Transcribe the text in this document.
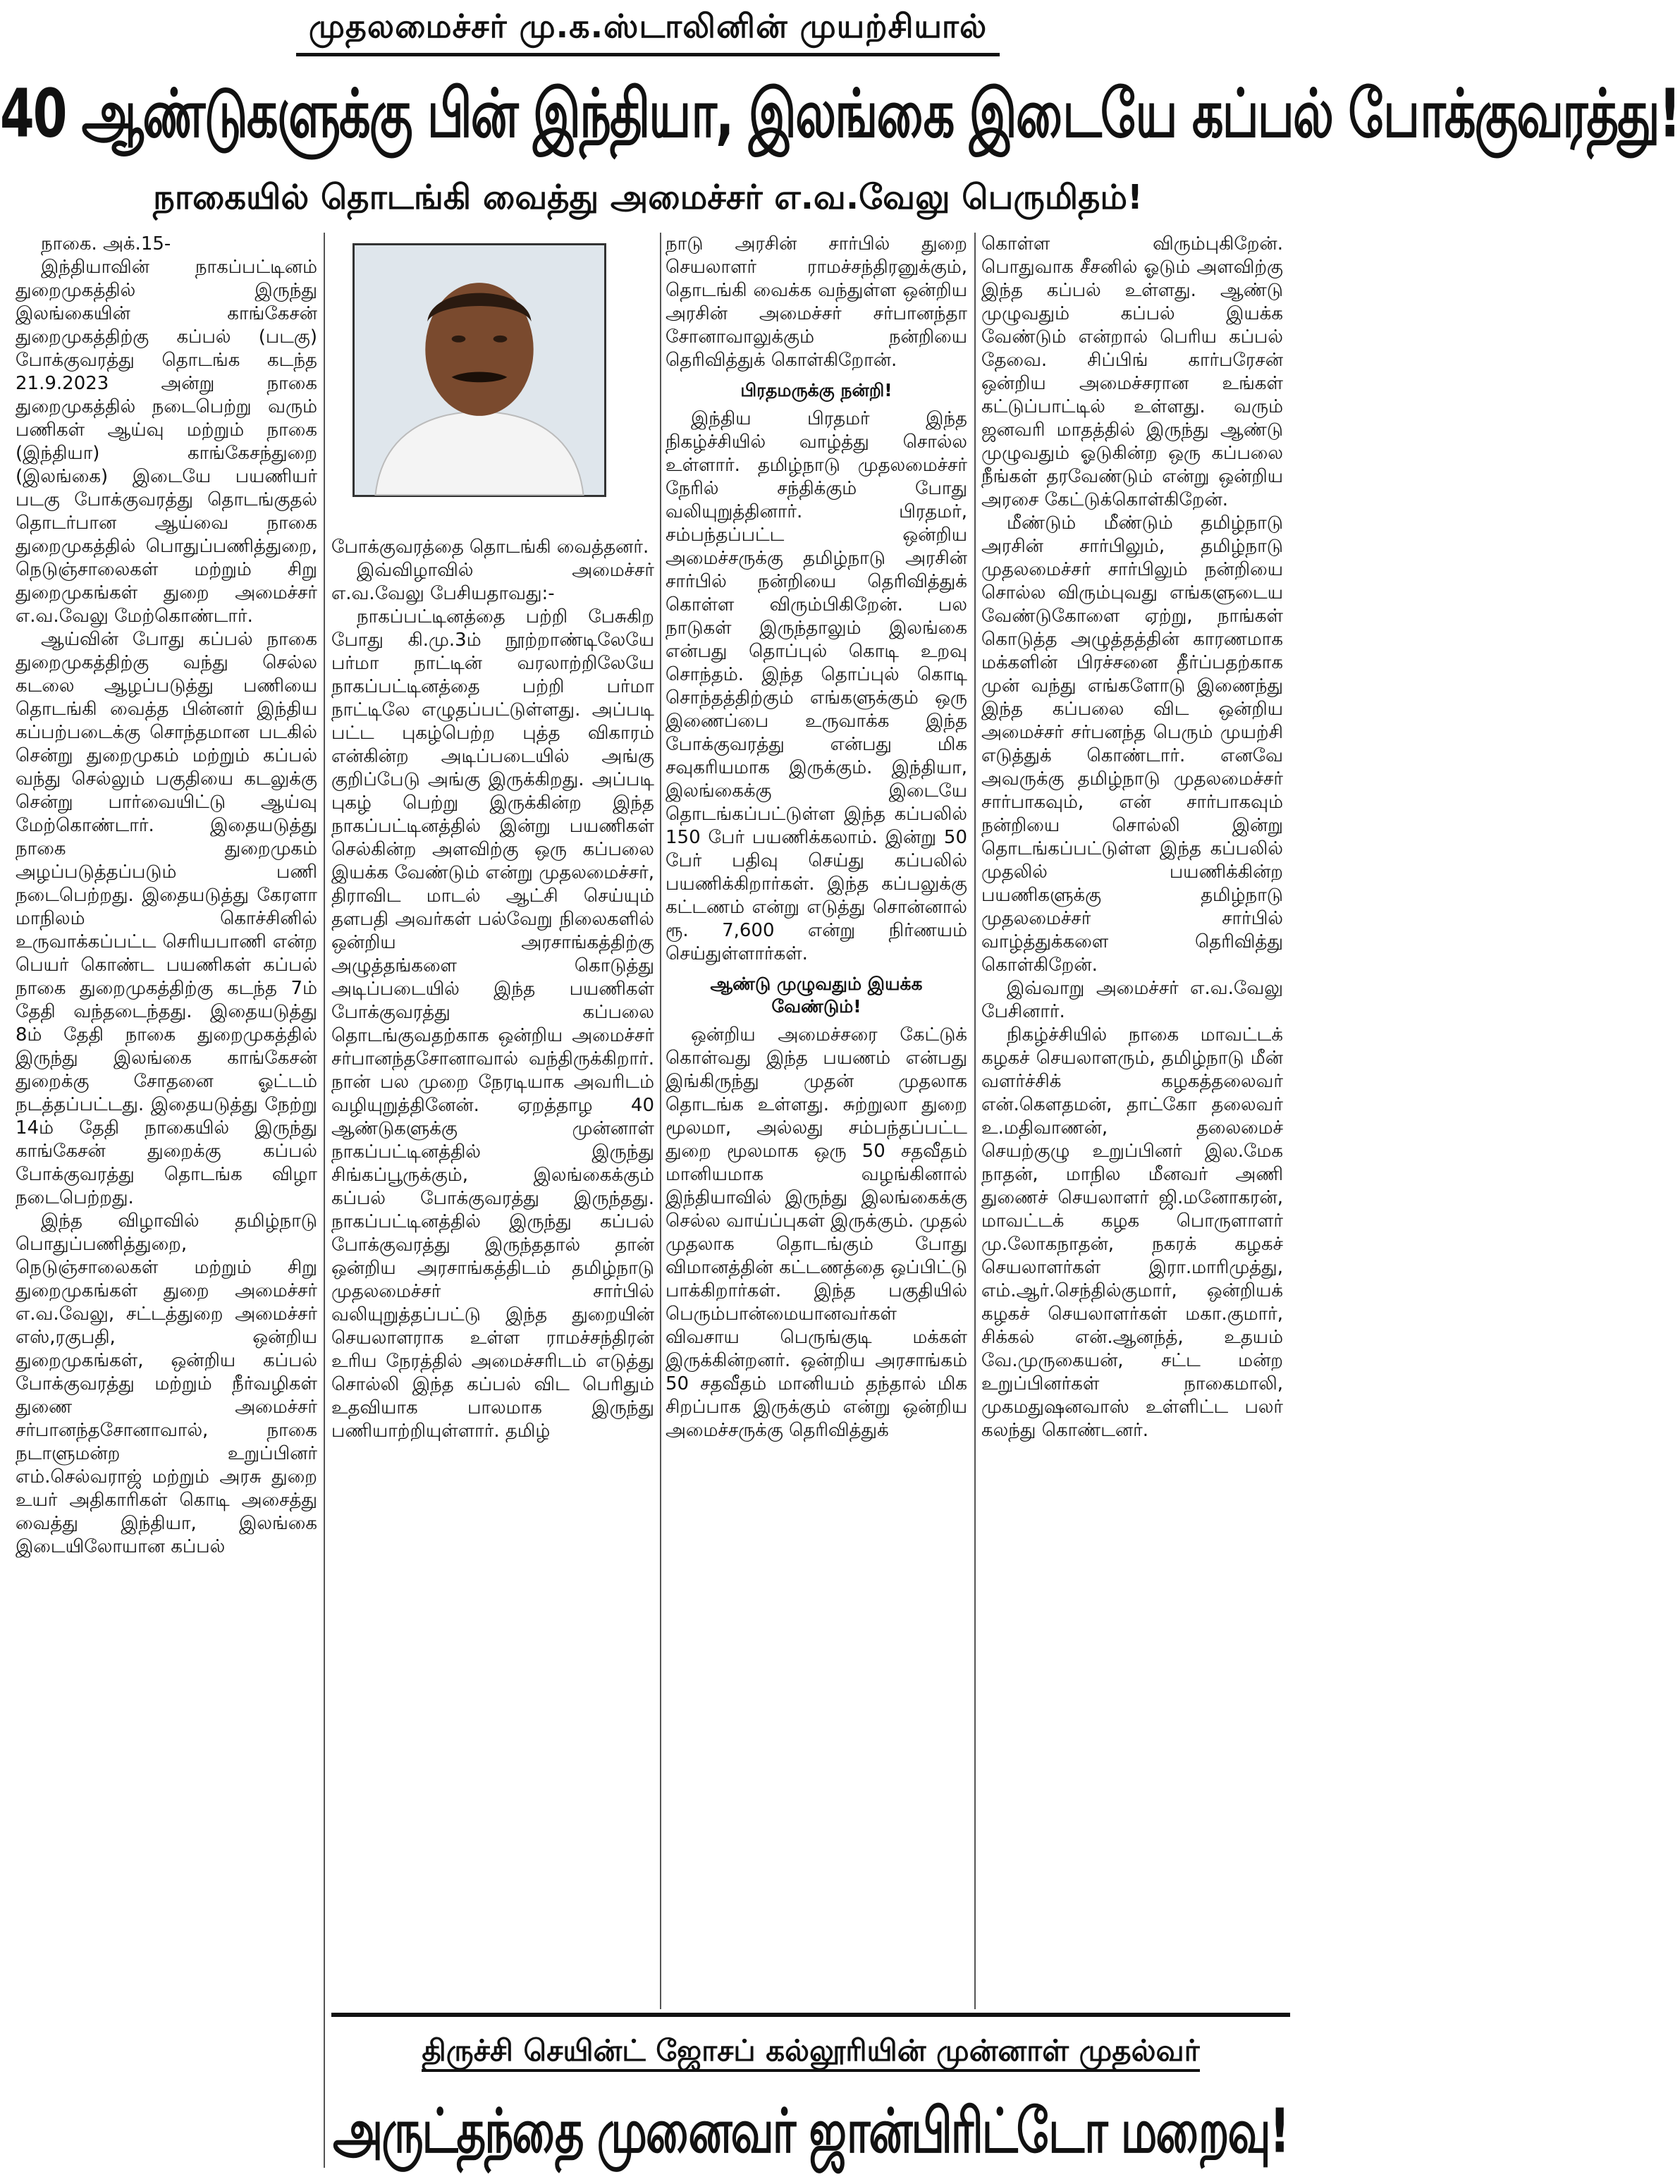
முதலமைச்சர் மு.க.ஸ்டாலினின் முயற்சியால்
40 ஆண்டுகளுக்கு பின் இந்தியா, இலங்கை இடையே கப்பல் போக்குவரத்து!
நாகையில் தொடங்கி வைத்து அமைச்சர் எ.வ.வேலு பெருமிதம்!

நாகை. அக்.15-

இந்தியாவின் நாகப்பட்டினம் துறைமுகத்தில் இருந்து இலங்கையின் காங்கேசன் துறைமுகத்திற்கு கப்பல் (படகு) போக்குவரத்து தொடங்க கடந்த 21.9.2023 அன்று நாகை துறைமுகத்தில் நடைபெற்று வரும் பணிகள் ஆய்வு மற்றும் நாகை (இந்தியா) காங்கேசந்துறை (இலங்கை) இடையே பயணியர் படகு போக்குவரத்து தொடங்குதல் தொடர்பான ஆய்வை நாகை துறைமுகத்தில் பொதுப்பணித்துறை, நெடுஞ்சாலைகள் மற்றும் சிறு துறைமுகங்கள் துறை அமைச்சர் எ.வ.வேலு மேற்கொண்டார்.

ஆய்வின் போது கப்பல் நாகை துறைமுகத்திற்கு வந்து செல்ல கடலை ஆழப்படுத்து பணியை தொடங்கி வைத்த பின்னர் இந்திய கப்பற்படைக்கு சொந்தமான படகில் சென்று துறைமுகம் மற்றும் கப்பல் வந்து செல்லும் பகுதியை கடலுக்கு சென்று பார்வையிட்டு ஆய்வு மேற்கொண்டார். இதையடுத்து நாகை துறைமுகம் அழப்படுத்தப்படும் பணி நடைபெற்றது. இதையடுத்து கேரளா மாநிலம் கொச்சினில் உருவாக்கப்பட்ட செரியபாணி என்ற பெயர் கொண்ட பயணிகள் கப்பல் நாகை துறைமுகத்திற்கு கடந்த 7ம் தேதி வந்தடைந்தது. இதையடுத்து 8ம் தேதி நாகை துறைமுகத்தில் இருந்து இலங்கை காங்கேசன் துறைக்கு சோதனை ஓட்டம் நடத்தப்பட்டது. இதையடுத்து நேற்று 14ம் தேதி நாகையில் இருந்து காங்கேசன் துறைக்கு கப்பல் போக்குவரத்து தொடங்க விழா நடைபெற்றது.

இந்த விழாவில் தமிழ்நாடு பொதுப்பணித்துறை, நெடுஞ்சாலைகள் மற்றும் சிறு துறைமுகங்கள் துறை அமைச்சர் எ.வ.வேலு, சட்டத்துறை அமைச்சர் எஸ்,ரகுபதி, ஒன்றிய துறைமுகங்கள், ஒன்றிய கப்பல் போக்குவரத்து மற்றும் நீர்வழிகள் துணை அமைச்சர் சர்பானந்தசோனாவால், நாகை நடாளுமன்ற உறுப்பினர் எம்.செல்வராஜ் மற்றும் அரசு துறை உயர் அதிகாரிகள் கொடி அசைத்து வைத்து இந்தியா, இலங்கை இடையிலோயான கப்பல்

போக்குவரத்தை தொடங்கி வைத்தனர்.

இவ்விழாவில் அமைச்சர் எ.வ.வேலு பேசியதாவது:-

நாகப்பட்டினத்தை பற்றி பேசுகிற போது கி.மு.3ம் நூற்றாண்டிலேயே பர்மா நாட்டின் வரலாற்றிலேயே நாகப்பட்டினத்தை பற்றி பர்மா நாட்டிலே எழுதப்பட்டுள்ளது. அப்படி பட்ட புகழ்பெற்ற புத்த விகாரம் என்கின்ற அடிப்படையில் அங்கு குறிப்பேடு அங்கு இருக்கிறது. அப்படி புகழ் பெற்று இருக்கின்ற இந்த நாகப்பட்டினத்தில் இன்று பயணிகள் செல்கின்ற அளவிற்கு ஒரு கப்பலை இயக்க வேண்டும் என்று முதலமைச்சர், திராவிட மாடல் ஆட்சி செய்யும் தளபதி அவர்கள் பல்வேறு நிலைகளில் ஒன்றிய அரசாங்கத்திற்கு அழுத்தங்களை கொடுத்து அடிப்படையில் இந்த பயணிகள் போக்குவரத்து கப்பலை தொடங்குவதற்காக ஒன்றிய அமைச்சர் சர்பானந்தசோனாவால் வந்திருக்கிறார். நான் பல முறை நேரடியாக அவரிடம் வழியுறுத்தினேன். ஏறத்தாழ 40 ஆண்டுகளுக்கு முன்னாள் நாகப்பட்டினத்தில் இருந்து சிங்கப்பூருக்கும், இலங்கைக்கும் கப்பல் போக்குவரத்து இருந்தது. நாகப்பட்டினத்தில் இருந்து கப்பல் போக்குவரத்து இருந்ததால் தான் ஒன்றிய அரசாங்கத்திடம் தமிழ்நாடு முதலமைச்சர் சார்பில் வலியுறுத்தப்பட்டு இந்த துறையின் செயலாளராக உள்ள ராமச்சந்திரன் உரிய நேரத்தில் அமைச்சரிடம் எடுத்து சொல்லி இந்த கப்பல் விட பெரிதும் உதவியாக பாலமாக இருந்து பணியாற்றியுள்ளார். தமிழ்

நாடு அரசின் சார்பில் துறை செயலாளர் ராமச்சந்திரனுக்கும், தொடங்கி வைக்க வந்துள்ள ஒன்றிய அரசின் அமைச்சர் சர்பானந்தா சோனாவாலுக்கும் நன்றியை தெரிவித்துக் கொள்கிறோன்.

பிரதமருக்கு நன்றி!

இந்திய பிரதமர் இந்த நிகழ்ச்சியில் வாழ்த்து சொல்ல உள்ளார். தமிழ்நாடு முதலமைச்சர் நேரில் சந்திக்கும் போது வலியுறுத்தினார். பிரதமர், சம்பந்தப்பட்ட ஒன்றிய அமைச்சருக்கு தமிழ்நாடு அரசின் சார்பில் நன்றியை தெரிவித்துக் கொள்ள விரும்பிகிறேன். பல நாடுகள் இருந்தாலும் இலங்கை என்பது தொப்புல் கொடி உறவு சொந்தம். இந்த தொப்புல் கொடி சொந்தத்திற்கும் எங்களுக்கும் ஒரு இணைப்பை உருவாக்க இந்த போக்குவரத்து என்பது மிக சவுகரியமாக இருக்கும். இந்தியா, இலங்கைக்கு இடையே தொடங்கப்பட்டுள்ள இந்த கப்பலில் 150 பேர் பயணிக்கலாம். இன்று 50 பேர் பதிவு செய்து கப்பலில் பயணிக்கிறார்கள். இந்த கப்பலுக்கு கட்டணம் என்று எடுத்து சொன்னால் ரூ. 7,600 என்று நிர்ணயம் செய்துள்ளார்கள்.

ஆண்டு முழுவதும் இயக்க வேண்டும்!

ஒன்றிய அமைச்சரை கேட்டுக் கொள்வது இந்த பயணம் என்பது இங்கிருந்து முதன் முதலாக தொடங்க உள்ளது. சுற்றுலா துறை மூலமா, அல்லது சம்பந்தப்பட்ட துறை மூலமாக ஒரு 50 சதவீதம் மானியமாக வழங்கினால் இந்தியாவில் இருந்து இலங்கைக்கு செல்ல வாய்ப்புகள் இருக்கும். முதல் முதலாக தொடங்கும் போது விமானத்தின் கட்டணத்தை ஒப்பிட்டு பாக்கிறார்கள். இந்த பகுதியில் பெரும்பான்மையானவர்கள் விவசாய பெருங்குடி மக்கள் இருக்கின்றனர். ஒன்றிய அரசாங்கம் 50 சதவீதம் மானியம் தந்தால் மிக சிறப்பாக இருக்கும் என்று ஒன்றிய அமைச்சருக்கு தெரிவித்துக்

கொள்ள விரும்புகிறேன். பொதுவாக சீசனில் ஓடும் அளவிற்கு இந்த கப்பல் உள்ளது. ஆண்டு முழுவதும் கப்பல் இயக்க வேண்டும் என்றால் பெரிய கப்பல் தேவை. சிப்பிங் கார்பரேசன் ஒன்றிய அமைச்சரான உங்கள் கட்டுப்பாட்டில் உள்ளது. வரும் ஜனவரி மாதத்தில் இருந்து ஆண்டு முழுவதும் ஓடுகின்ற ஒரு கப்பலை நீங்கள் தரவேண்டும் என்று ஒன்றிய அரசை கேட்டுக்கொள்கிறேன்.

மீண்டும் மீண்டும் தமிழ்நாடு அரசின் சார்பிலும், தமிழ்நாடு முதலமைச்சர் சார்பிலும் நன்றியை சொல்ல விரும்புவது எங்களுடைய வேண்டுகோளை ஏற்று, நாங்கள் கொடுத்த அழுத்தத்தின் காரணமாக மக்களின் பிரச்சனை தீர்ப்பதற்காக முன் வந்து எங்களோடு இணைந்து இந்த கப்பலை விட ஒன்றிய அமைச்சர் சர்பனந்த பெரும் முயற்சி எடுத்துக் கொண்டார். எனவே அவருக்கு தமிழ்நாடு முதலமைச்சர் சார்பாகவும், என் சார்பாகவும் நன்றியை சொல்லி இன்று தொடங்கப்பட்டுள்ள இந்த கப்பலில் முதலில் பயணிக்கின்ற பயணிகளுக்கு தமிழ்நாடு முதலமைச்சர் சார்பில் வாழ்த்துக்களை தெரிவித்து கொள்கிறேன்.

இவ்வாறு அமைச்சர் எ.வ.வேலு பேசினார்.

நிகழ்ச்சியில் நாகை மாவட்டக் கழகச் செயலாளரும், தமிழ்நாடு மீன் வளர்ச்சிக் கழகத்தலைவர் என்.கௌதமன், தாட்கோ தலைவர் உ.மதிவாணன், தலைமைச் செயற்குழு உறுப்பினர் இல.மேக நாதன், மாநில மீனவர் அணி துணைச் செயலாளர் ஜி.மனோகரன், மாவட்டக் கழக பொருளாளர் மு.லோகநாதன், நகரக் கழகச் செயலாளர்கள் இரா.மாரிமுத்து, எம்.ஆர்.செந்தில்குமார், ஒன்றியக் கழகச் செயலாளர்கள் மகா.குமார், சிக்கல் என்.ஆனந்த், உதயம் வே.முருகையன், சட்ட மன்ற உறுப்பினர்கள் நாகைமாலி, முகமதுஷனவாஸ் உள்ளிட்ட பலர் கலந்து கொண்டனர்.

திருச்சி செயின்ட் ஜோசப் கல்லூரியின் முன்னாள் முதல்வர்
அருட்தந்தை முனைவர் ஜான்பிரிட்டோ மறைவு!
